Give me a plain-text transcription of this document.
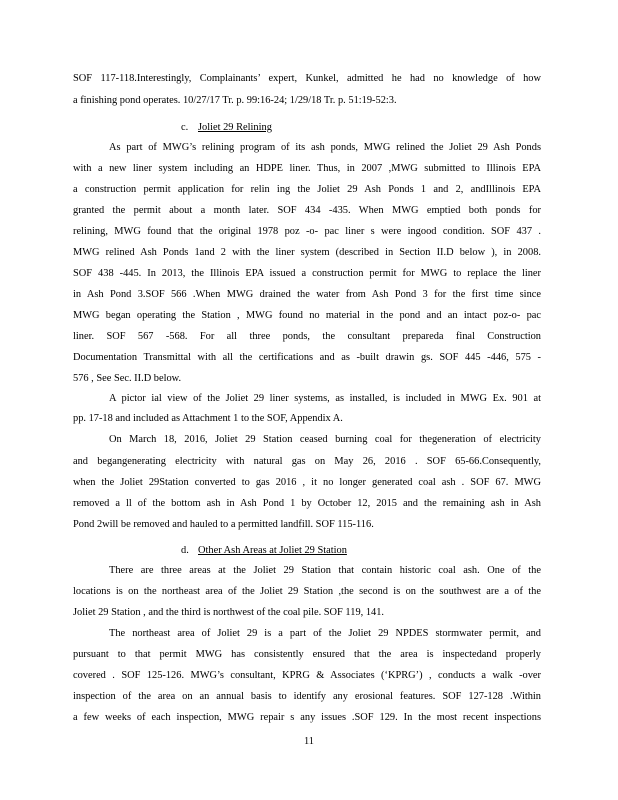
SOF 117-118.Interestingly, Complainants’ expert, Kunkel, admitted he had no knowledge of how
a finishing pond operates. 10/27/17 Tr. p. 99:16-24; 1/29/18 Tr. p. 51:19-52:3.
c. Joliet 29 Relining
As part of MWG’s relining program of its ash ponds, MWG relined the Joliet 29 Ash Ponds
with a new liner system including an HDPE liner. Thus, in 2007 ,MWG submitted to Illinois EPA
a construction permit application for relin ing the Joliet 29 Ash Ponds 1 and 2, andIllinois EPA
granted the permit about a month later. SOF 434 -435. When MWG emptied both ponds for
relining, MWG found that the original 1978 poz -o- pac liner s were ingood condition. SOF 437 .
MWG relined Ash Ponds 1and 2 with the liner system (described in Section II.D below ), in 2008.
SOF 438 -445. In 2013, the Illinois EPA issued a construction permit for MWG to replace the liner
in Ash Pond 3.SOF 566 .When MWG drained the water from Ash Pond 3 for the first time since
MWG began operating the Station , MWG found no material in the pond and an intact poz-o- pac
liner. SOF 567 -568. For all three ponds, the consultant prepareda final Construction
Documentation Transmittal with all the certifications and as -built drawin gs. SOF 445 -446, 575 -
576 , See Sec. II.D below.
A pictor ial view of the Joliet 29 liner systems, as installed, is included in MWG Ex. 901 at
pp. 17-18 and included as Attachment 1 to the SOF, Appendix A.
On March 18, 2016, Joliet 29 Station ceased burning coal for thegeneration of electricity
and begangenerating electricity with natural gas on May 26, 2016 . SOF 65-66.Consequently,
when the Joliet 29Station converted to gas 2016 , it no longer generated coal ash . SOF 67. MWG
removed a ll of the bottom ash in Ash Pond 1 by October 12, 2015 and the remaining ash in Ash
Pond 2will be removed and hauled to a permitted landfill. SOF 115-116.
d. Other Ash Areas at Joliet 29 Station
There are three areas at the Joliet 29 Station that contain historic coal ash. One of the
locations is on the northeast area of the Joliet 29 Station ,the second is on the southwest are a of the
Joliet 29 Station , and the third is northwest of the coal pile. SOF 119, 141.
The northeast area of Joliet 29 is a part of the Joliet 29 NPDES stormwater permit, and
pursuant to that permit MWG has consistently ensured that the area is inspectedand properly
covered . SOF 125-126. MWG’s consultant, KPRG & Associates (‘KPRG’) , conducts a walk -over
inspection of the area on an annual basis to identify any erosional features. SOF 127-128 .Within
a few weeks of each inspection, MWG repair s any issues .SOF 129. In the most recent inspections
11
